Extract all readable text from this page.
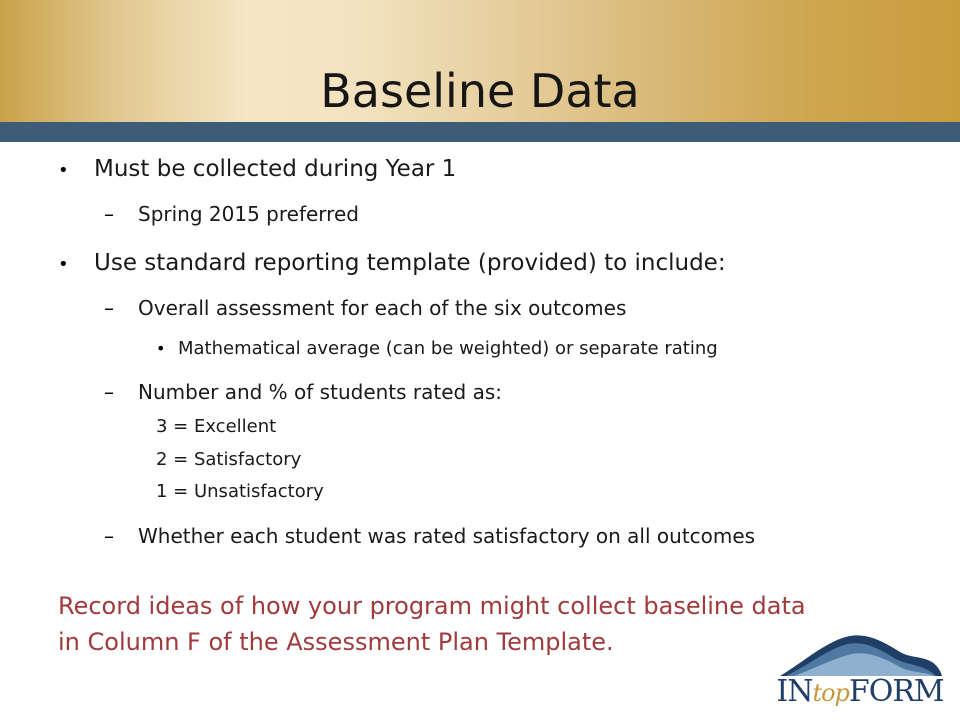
Baseline Data
• Must be collected during Year 1
– Spring 2015 preferred
• Use standard reporting template (provided) to include:
– Overall assessment for each of the six outcomes
• Mathematical average (can be weighted) or separate rating
– Number and % of students rated as:
3 = Excellent
2 = Satisfactory
1 = Unsatisfactory
– Whether each student was rated satisfactory on all outcomes

Record ideas of how your program might collect baseline data
in Column F of the Assessment Plan Template.

INtopFORM
